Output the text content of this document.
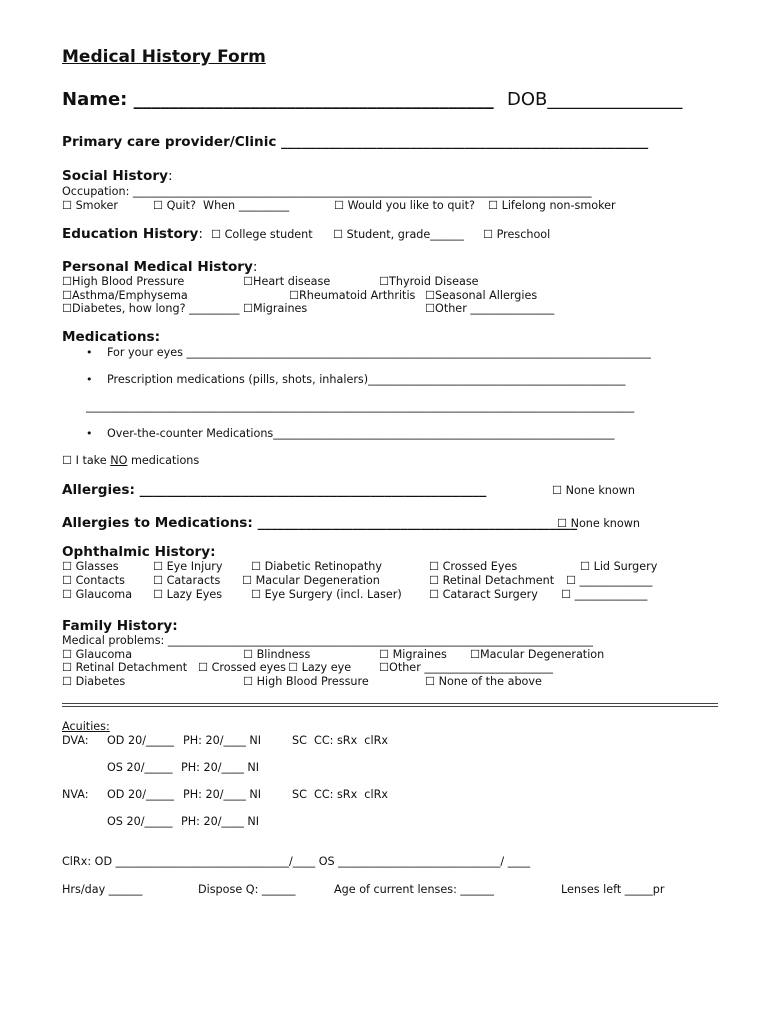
Medical History Form
Name: ________________________________________ DOB_______________
Primary care provider/Clinic ______________________________________________________
Social History:
Occupation: __________________________________________________________________________________
☐ Smoker	☐ Quit?  When _________	☐ Would you like to quit? ☐ Lifelong non-smoker
Education History: ☐ College student ☐ Student, grade______ ☐ Preschool
Personal Medical History:
☐High Blood Pressure	☐Heart disease	☐Thyroid Disease
☐Asthma/Emphysema	☐Rheumatoid Arthritis ☐Seasonal Allergies
☐Diabetes, how long? _________ ☐Migraines	☐Other _______________
Medications:
• For your eyes ___________________________________________________________________________________
• Prescription medications (pills, shots, inhalers)______________________________________________
__________________________________________________________________________________________________
• Over-the-counter Medications_____________________________________________________________
☐ I take NO medications
Allergies: ___________________________________________________	☐ None known
Allergies to Medications: _______________________________________________
☐ None known
Ophthalmic History:
☐ Glasses	☐ Eye Injury	☐ Diabetic Retinopathy	☐ Crossed Eyes	☐ Lid Surgery
☐ Contacts	☐ Cataracts ☐ Macular Degeneration	☐ Retinal Detachment ☐ _____________
☐ Glaucoma ☐ Lazy Eyes	☐ Eye Surgery (incl. Laser) ☐ Cataract Surgery ☐ _____________
Family History:
Medical problems: ____________________________________________________________________________
☐ Glaucoma	☐ Blindness	☐ Migraines ☐Macular Degeneration
☐ Retinal Detachment ☐ Crossed eyes ☐ Lazy eye ☐Other _______________________
☐ Diabetes	☐ High Blood Pressure	☐ None of the above
Acuities:
DVA: OD 20/_____ PH: 20/____ NI	SC  CC: sRx  clRx
OS 20/_____ PH: 20/____ NI
NVA: OD 20/_____ PH: 20/____ NI	SC  CC: sRx  clRx
OS 20/_____ PH: 20/____ NI
ClRx: OD _______________________________/____ OS _____________________________/ ____
Hrs/day ______	Dispose Q: ______	Age of current lenses: ______	Lenses left _____pr
